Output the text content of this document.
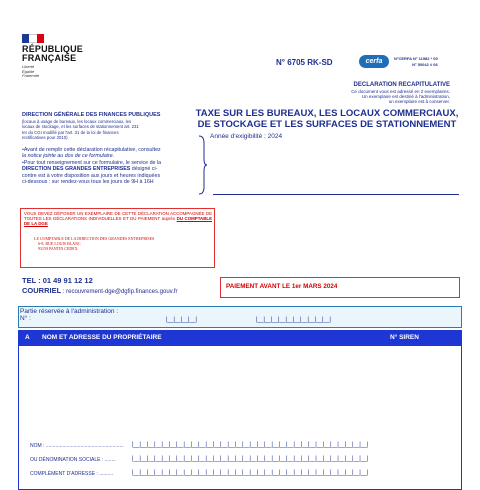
RÉPUBLIQUE
FRANÇAISE
Liberté
Égalité
Fraternité
N° 6705 RK-SD	cerfa	N°CERFA N° 11982 * 09
N° 50042 # 06
DECLARATION RECAPITULATIVE
Ce document vous est adressé en 2 exemplaires.
Un exemplaire est destiné à l'administration,
un exemplaire est à conserver.
DIRECTION GÉNÉRALE DES FINANCES PUBLIQUES
(locaux à usage de bureaux, les locaux commerciaux, les
locaux de stockage, et les surfaces de stationnement art. 231
ter du CGI modifié par l'art. 31 de la loi de finances
rectificatives pour 2010)
TAXE SUR LES BUREAUX, LES LOCAUX COMMERCIAUX,
DE STOCKAGE ET LES SURFACES DE STATIONNEMENT
Année d'exigibilité : 2024
•Avant de remplir cette déclaration récapitulative, consultez
la notice jointe au dos de ce formulaire.
•Pour tout renseignement sur ce formulaire, le service de la
DIRECTION DES GRANDES ENTREPRISES désigné ci-
contre est à votre disposition aux jours et heures indiquées
ci-dessous : sur rendez-vous tous les jours de 9H à 16H
VOUS DEVEZ DÉPOSER UN EXEMPLAIRE DE CETTE DÉCLARATION ACCOMPAGNÉE DE TOUTES LES DÉCLARATIONS INDIVIDUELLES ET DU PAIEMENT auprès DU COMPTABLE DE LA DGE
LE COMPTABLE DE LA DIRECTION DES GRANDES ENTREPRISES
6-8, RUE LOUIS BLANC
93159 PANTIN CEDEX
TEL : 01 49 91 12 12
COURRIEL : recouvrement-dge@dgfip.finances.gouv.fr
PAIEMENT AVANT LE 1er MARS 2024
Partie réservée à l'administration :
N° :	|__|__|__|__|	|__|__|__|__|__|__|__|__|__|__|
A NOM ET ADRESSE DU PROPRIÉTAIRE	N° SIREN
NOM : ........................................................ |__|__|__|__|__|__|__|__|__|__|__|__|__|__|__|__|__|__|__|__|__|__|__|__|__|__|__|__|__|__|__|__|
OU DÉNOMINATION SOCIALE : ........	|__|__|__|__|__|__|__|__|__|__|__|__|__|__|__|__|__|__|__|__|__|__|__|__|__|__|__|__|__|__|__|__|
COMPLÉMENT D'ADRESSE : ..........	|__|__|__|__|__|__|__|__|__|__|__|__|__|__|__|__|__|__|__|__|__|__|__|__|__|__|__|__|__|__|__|__|
